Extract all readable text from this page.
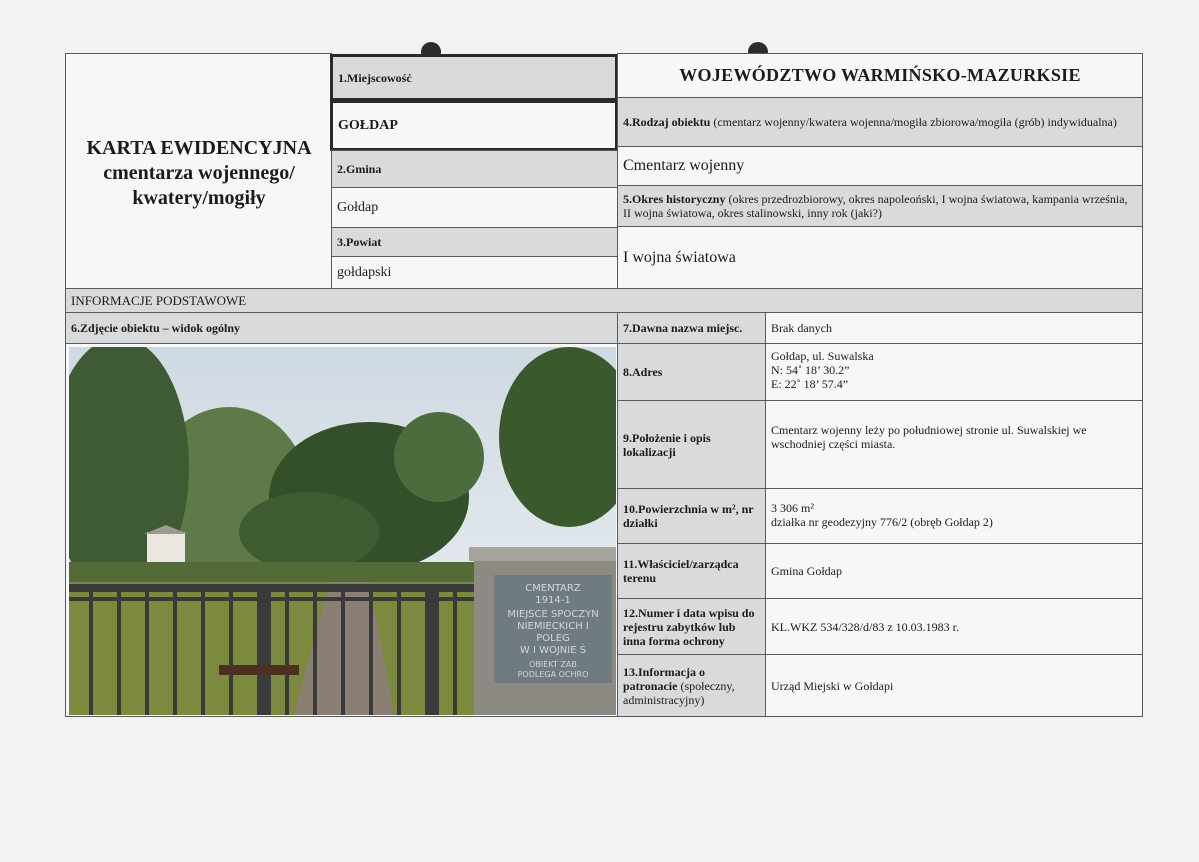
KARTA EWIDENCYJNA
cmentarza wojennego/
kwatery/mogiły
1.Miejscowość
GOŁDAP
2.Gmina
Gołdap
3.Powiat
gołdapski
WOJEWÓDZTWO WARMIŃSKO-MAZURKSIE
4.Rodzaj obiektu (cmentarz wojenny/kwatera wojenna/mogiła zbiorowa/mogiła (grób) indywidualna)
Cmentarz wojenny
5.Okres historyczny (okres przedrozbiorowy, okres napoleoński, I wojna światowa, kampania września, II wojna światowa, okres stalinowski, inny rok (jaki?)
I wojna światowa
INFORMACJE PODSTAWOWE
6.Zdjęcie obiektu – widok ogólny
CMENTARZ
1914-1
MIEJSCE SPOCZYN
NIEMIECKICH I
POLEG
W I WOJNIE Ś
OBIEKT ZAB
PODLEGA OCHRO
7.Dawna nazwa miejsc. Brak danych
8.Adres
Gołdap, ul. Suwalska
N: 54˚ 18’ 30.2”
E: 22˚ 18’ 57.4”
9.Położenie i opis lokalizacji
Cmentarz wojenny leży po południowej stronie ul. Suwalskiej we wschodniej części miasta.
10.Powierzchnia w m², nr działki
3 306 m²
działka nr geodezyjny 776/2 (obręb Gołdap 2)
11.Właściciel/zarządca terenu	Gmina Gołdap
12.Numer i data wpisu do rejestru zabytków lub inna forma ochrony
KL.WKZ 534/328/d/83 z 10.03.1983 r.
13.Informacja o patronacie (społeczny, administracyjny)
Urząd Miejski w Gołdapi
